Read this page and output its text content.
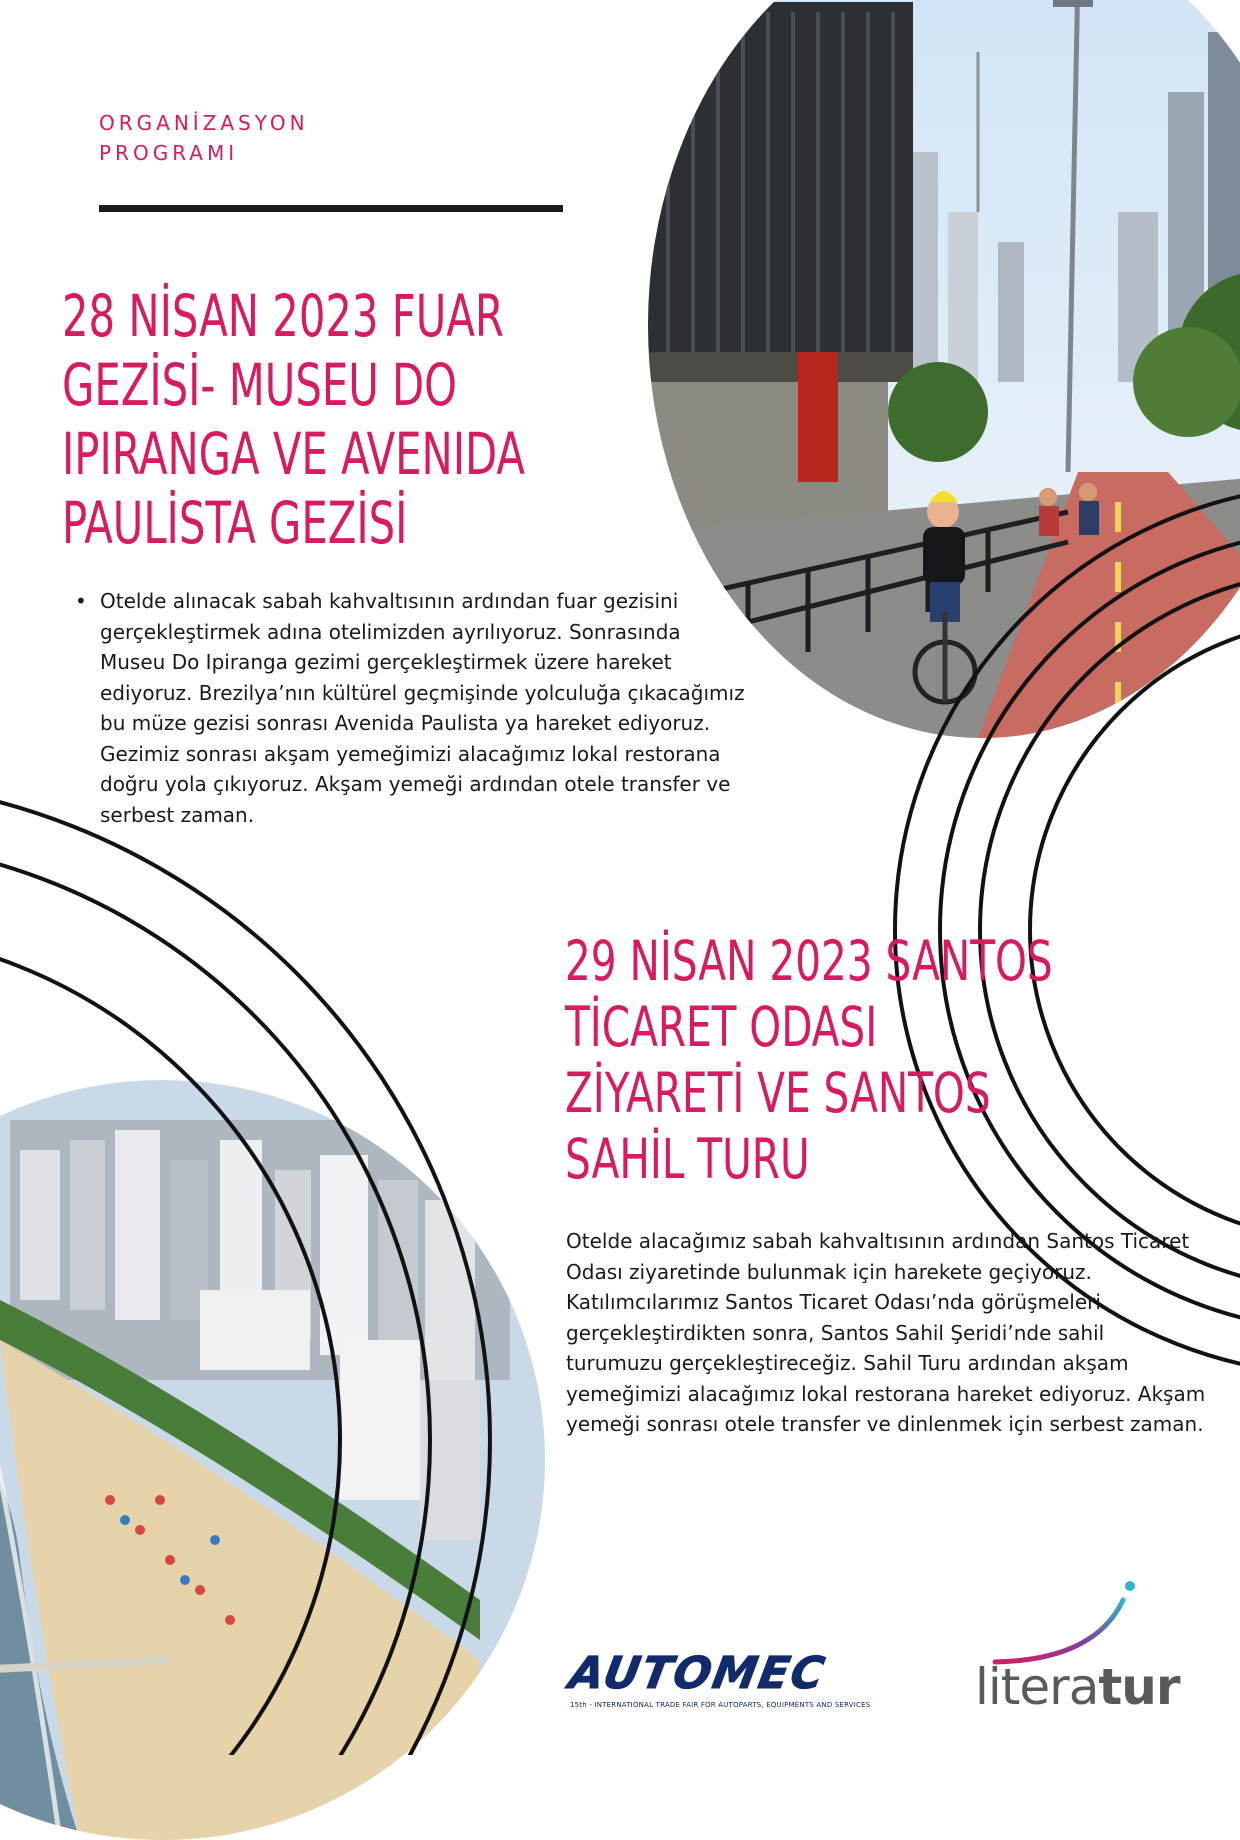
ORGANİZASYON
PROGRAMI
28 NİSAN 2023 FUAR
GEZİSİ- MUSEU DO
IPIRANGA VE AVENIDA
PAULİSTA GEZİSİ
• Otelde alınacak sabah kahvaltısının ardından fuar gezisini gerçekleştirmek adına otelimizden ayrılıyoruz. Sonrasında Museu Do Ipiranga gezimi gerçekleştirmek üzere hareket ediyoruz. Brezilya’nın kültürel geçmişinde yolculuğa çıkacağımız bu müze gezisi sonrası Avenida Paulista ya hareket ediyoruz. Gezimiz sonrası akşam yemeğimizi alacağımız lokal restorana doğru yola çıkıyoruz. Akşam yemeği ardından otele transfer ve serbest zaman.

29 NİSAN 2023 SANTOS
TİCARET ODASI
ZİYARETİ VE SANTOS
SAHİL TURU

Otelde alacağımız sabah kahvaltısının ardından Santos Ticaret Odası ziyaretinde bulunmak için harekete geçiyoruz. Katılımcılarımız Santos Ticaret Odası’nda görüşmeleri gerçekleştirdikten sonra, Santos Sahil Şeridi’nde sahil turumuzu gerçekleştireceğiz. Sahil Turu ardından akşam yemeğimizi alacağımız lokal restorana hareket ediyoruz. Akşam yemeği sonrası otele transfer ve dinlenmek için serbest zaman.

AUTOMEC
15th - INTERNATIONAL TRADE FAIR FOR AUTOPARTS, EQUIPMENTS AND SERVICES	literatur
